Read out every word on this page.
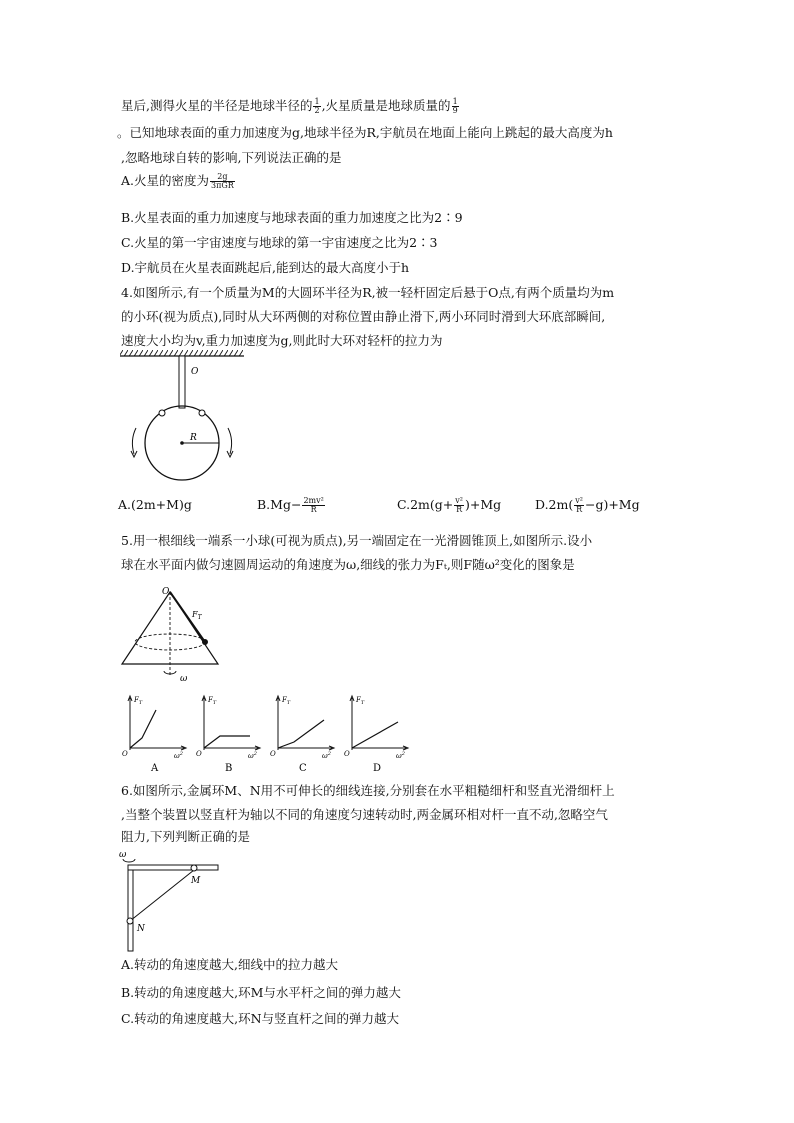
星后,测得火星的半径是地球半径的 $\frac{1}{2}$ ,火星质量是地球质量的 $\frac{1}{9}$
。已知地球表面的重力加速度为g,地球半径为R,宇航员在地面上能向上跳起的最大高度为h
,忽略地球自转的影响,下列说法正确的是
A.火星的密度为 $\frac{2g}{\text{3πGR}}$
B.火星表面的重力加速度与地球表面的重力加速度之比为2∶9
C.火星的第一宇宙速度与地球的第一宇宙速度之比为2∶3
D.宇航员在火星表面跳起后,能到达的最大高度小于h
4.如图所示,有一个质量为M的大圆环半径为R,被一轻杆固定后悬于O点,有两个质量均为m
的小环(视为质点),同时从大环两侧的对称位置由静止滑下,两小环同时滑到大环底部瞬间,
速度大小均为v,重力加速度为g,则此时大环对轻杆的拉力为
O
R
A.(2m+M)g	$B.Mg- \frac{\text{2mv²}}{R}$	$C.2m(g+ \frac{\text{v²}}{R} )+Mg$	$D.2m( \frac{\text{v²}}{R} -g)+Mg$
5.用一根细线一端系一小球(可视为质点),另一端固定在一光滑圆锥顶上,如图所示.设小
球在水平面内做匀速圆周运动的角速度为ω,细线的张力为Fₜ,则F随ω²变化的图象是
O
$F_T$
ω
$F_T$
O	$\omega^2$
A
$F_T$
O	$\omega^2$
B
$F_T$
O	$\omega^2$
C
$F_T$
O	$\omega^2$
D
6.如图所示,金属环M、N用不可伸长的细线连接,分别套在水平粗糙细杆和竖直光滑细杆上
,当整个装置以竖直杆为轴以不同的角速度匀速转动时,两金属环相对杆一直不动,忽略空气
阻力,下列判断正确的是
ω
M
N
A.转动的角速度越大,细线中的拉力越大
B.转动的角速度越大,环M与水平杆之间的弹力越大
C.转动的角速度越大,环N与竖直杆之间的弹力越大
